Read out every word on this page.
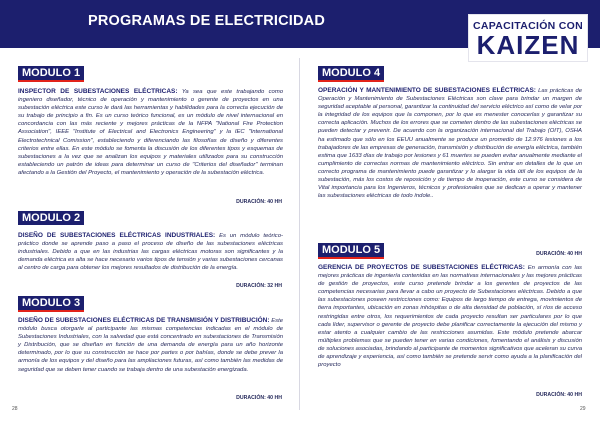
PROGRAMAS DE ELECTRICIDAD	CAPACITACIÓN CON
KAIZEN
MODULO 1
INSPECTOR DE SUBESTACIONES ELÉCTRICAS: Ya sea que este trabajando como ingeniero diseñador, técnico de operación y mantenimiento o gerente de proyectos en una subestación eléctrica este curso le dará las herramientas y habilidades para la correcta ejecución de su trabajo de principio a fin. Es un curso teórico funcional, es un módulo de nivel internacional en concordancia con las más reciente y mejores prácticas de la NFPA "National Fire Protection Association", IEEE "Institute of Electrical and Electronics Engineering" y la IEC "International Electrotechnical Comission", estableciendo y diferenciando las filosofías de diseño y diferentes criterios entre ellas. En este módulo se fomenta la discusión de los diferentes tipos y esquemas de subestaciones a la vez que se analizan los equipos y materiales utilizados para su construcción estableciendo un patrón de ideas para determinar un curso de "Criterios del diseñador" terminan afectando a la Gestión del Proyecto, el mantenimiento y operación de la subestación eléctrica.
DURACIÓN: 40 HH
MODULO 2
DISEÑO DE SUBESTACIONES ELÉCTRICAS INDUSTRIALES: Es un módulo teórico-práctico donde se aprende paso a paso el proceso de diseño de las subestaciones eléctricas industriales. Debido a que en las industrias las cargas eléctricas motoras son significantes y la demanda eléctrica es alta se hace necesario varios tipos de tensión y varias subestaciones cercanas al centro de carga para obtener los mejores resultados de distribución de la energía.
DURACIÓN: 32 HH
MODULO 3
DISEÑO DE SUBESTACIONES ELÉCTRICAS DE TRANSMISIÓN Y DISTRIBUCIÓN: Este módulo busca otorgarle al participante las mismas competencias indicadas en el módulo de Subestaciones Industriales, con la salvedad que está concentrado en subestaciones de Transmisión y Distribución, que se diseñan en función de una demanda de energía para un año horizonte determinado, por lo que su construcción se hace por partes o por bahías, donde se debe prever la armonía de los equipos y del diseño para las ampliaciones futuras, así como también las medidas de seguridad que se deben tener cuando se trabaja dentro de una subestación energizada.
DURACIÓN: 40 HH
MODULO 4
OPERACIÓN Y MANTENIMIENTO DE SUBESTACIONES ELÉCTRICAS: Las prácticas de Operación y Mantenimiento de Subestaciones Eléctricas son clave para brindar un margen de seguridad aceptable al personal, garantizar la continuidad del servicio eléctrico así como de velar por la integridad de los equipos que la componen, por lo que es menester conocerlas y garantizar su correcta aplicación. Muchos de los errores que se cometen dentro de las subestaciones eléctricas se pueden detectar y prevenir. De acuerdo con la organización internacional del Trabajo (OIT), OSHA ha estimado que sólo en los EEUU anualmente se produce un promedio de 12.976 lesiones a los trabajadores de las empresas de generación, transmisión y distribución de energía eléctrica, también estima que 1633 días de trabajo por lesiones y 61 muertes se pueden evitar anualmente mediante el cumplimiento de correctas normas de mantenimiento eléctrico. Sin entrar en detalles de lo que un correcto programa de mantenimiento puede garantizar y lo alargar la vida útil de los equipos de la subestación, más los costos de reposición y de tiempo de inoperación, este curso se considera de Vital importancia para los Ingenieros, técnicos y profesionales que se dedican a operar y mantener las subestaciones eléctricas de todo índole..
DURACIÓN: 40 HH
MODULO 5
GERENCIA DE PROYECTOS DE SUBESTACIONES ELÉCTRICAS: En armonía con las mejores prácticas de ingeniería contenidas en las normativas internacionales y las mejores prácticas de gestión de proyectos, este curso pretende brindar a los gerentes de proyectos de las competencias necesarias para llevar a cabo un proyecto de Subestaciones eléctricas. Debido a que las subestaciones poseen restricciones como: Equipos de largo tiempo de entrega, movimientos de tierra importantes, ubicación en zonas inhóspitas o de alta densidad de población, sí ríos de acceso restringidas entre otros, los requerimientos de cada proyecto resultan ser particulares por lo que cada líder, supervisor o gerente de proyecto debe planificar correctamente la ejecución del mismo y estar atento a cualquier cambio de las restricciones asumidas. Este módulo pretende abarcar múltiples problemas que se pueden tener en varias condiciones, fomentando el análisis y discusión de soluciones asociadas, brindando al participante de momentos significativos que aceleran su curva de aprendizaje y experiencia, así como también se pretende servir como ayuda a la planificación del proyecto
DURACIÓN: 40 HH
28	29
